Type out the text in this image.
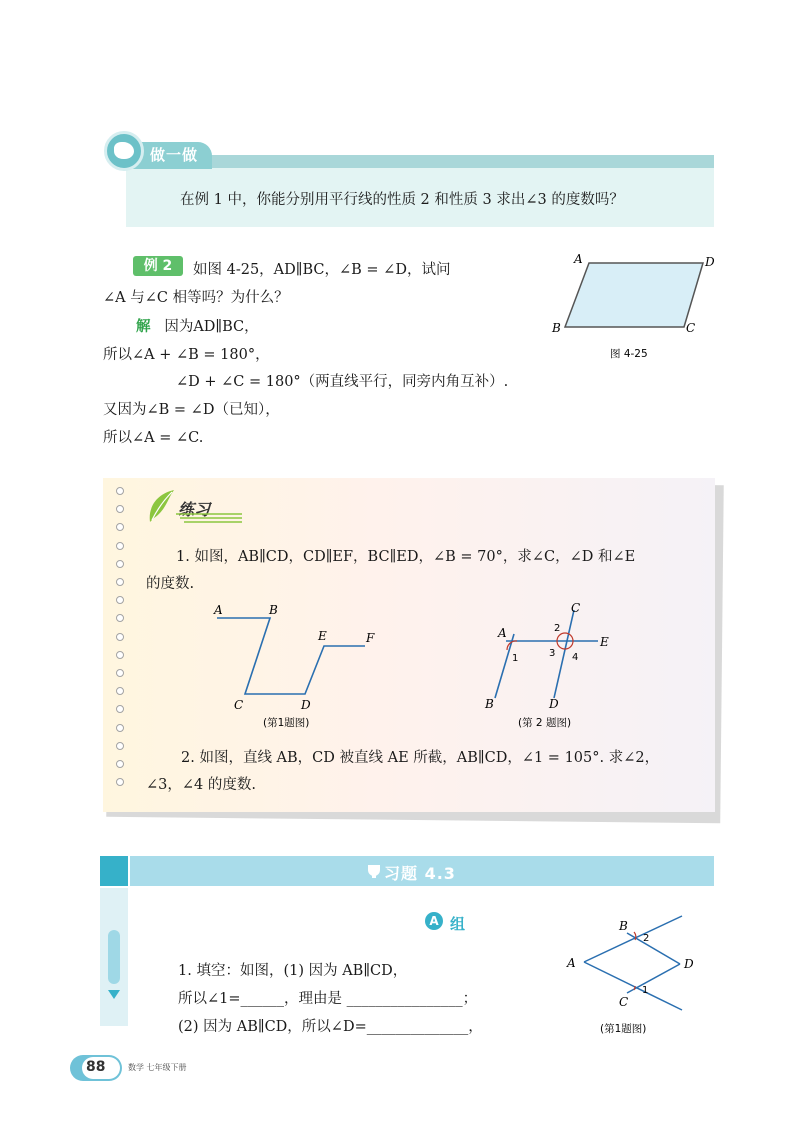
做一做
在例 1 中，你能分别用平行线的性质 2 和性质 3 求出∠3 的度数吗？
例 2	如图 4-25，AD∥BC，∠B = ∠D，试问
∠A 与∠C 相等吗？为什么？
解 因为AD∥BC，
所以∠A + ∠B = 180°，
∠D + ∠C = 180°（两直线平行，同旁内角互补）.
又因为∠B = ∠D（已知），
所以∠A = ∠C.
A	D
B	C
图 4-25
练习
1. 如图，AB∥CD，CD∥EF，BC∥ED，∠B = 70°，求∠C，∠D 和∠E
的度数.
A	B
E	F
C	D
(第1题图)
A
C
E
B	D
1
2
3 4
(第 2 题图)
2. 如图，直线 AB，CD 被直线 AE 所截，AB∥CD，∠1 = 105°. 求∠2，
∠3，∠4 的度数.
习题 4.3
A 组
1. 填空：如图，(1) 因为 AB∥CD，
所以∠1=______，理由是 ________________；
(2) 因为 AB∥CD，所以∠D=______________，
B
A	D
C
2
1
(第1题图)
88	数学 七年级下册
